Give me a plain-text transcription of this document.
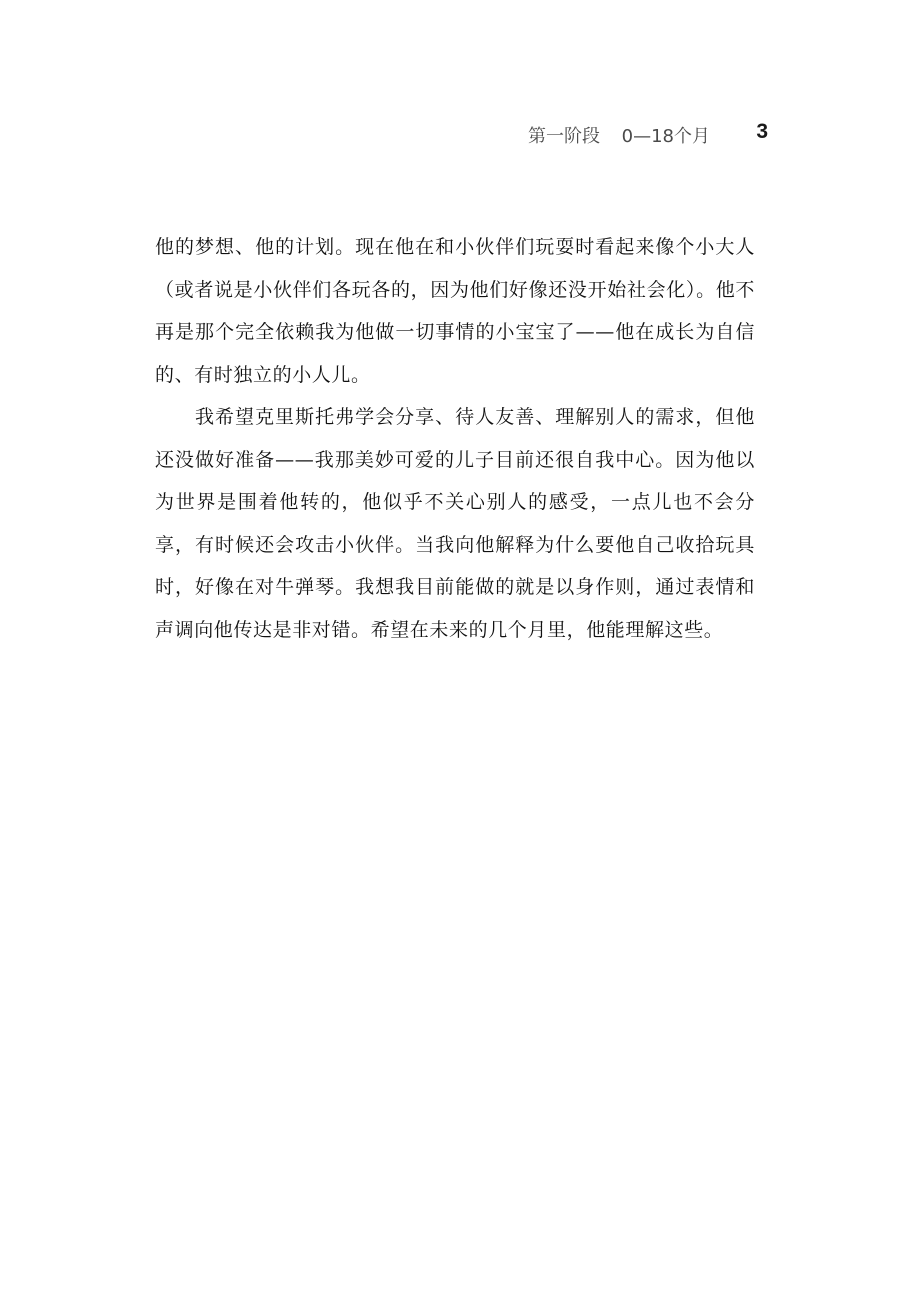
第一阶段 0—18个月 3

他的梦想、他的计划。现在他在和小伙伴们玩耍时看起来像个小大人（或者说是小伙伴们各玩各的，因为他们好像还没开始社会化）。他不再是那个完全依赖我为他做一切事情的小宝宝了——他在成长为自信的、有时独立的小人儿。

我希望克里斯托弗学会分享、待人友善、理解别人的需求，但他还没做好准备——我那美妙可爱的儿子目前还很自我中心。因为他以为世界是围着他转的，他似乎不关心别人的感受，一点儿也不会分享，有时候还会攻击小伙伴。当我向他解释为什么要他自己收拾玩具时，好像在对牛弹琴。我想我目前能做的就是以身作则，通过表情和声调向他传达是非对错。希望在未来的几个月里，他能理解这些。
